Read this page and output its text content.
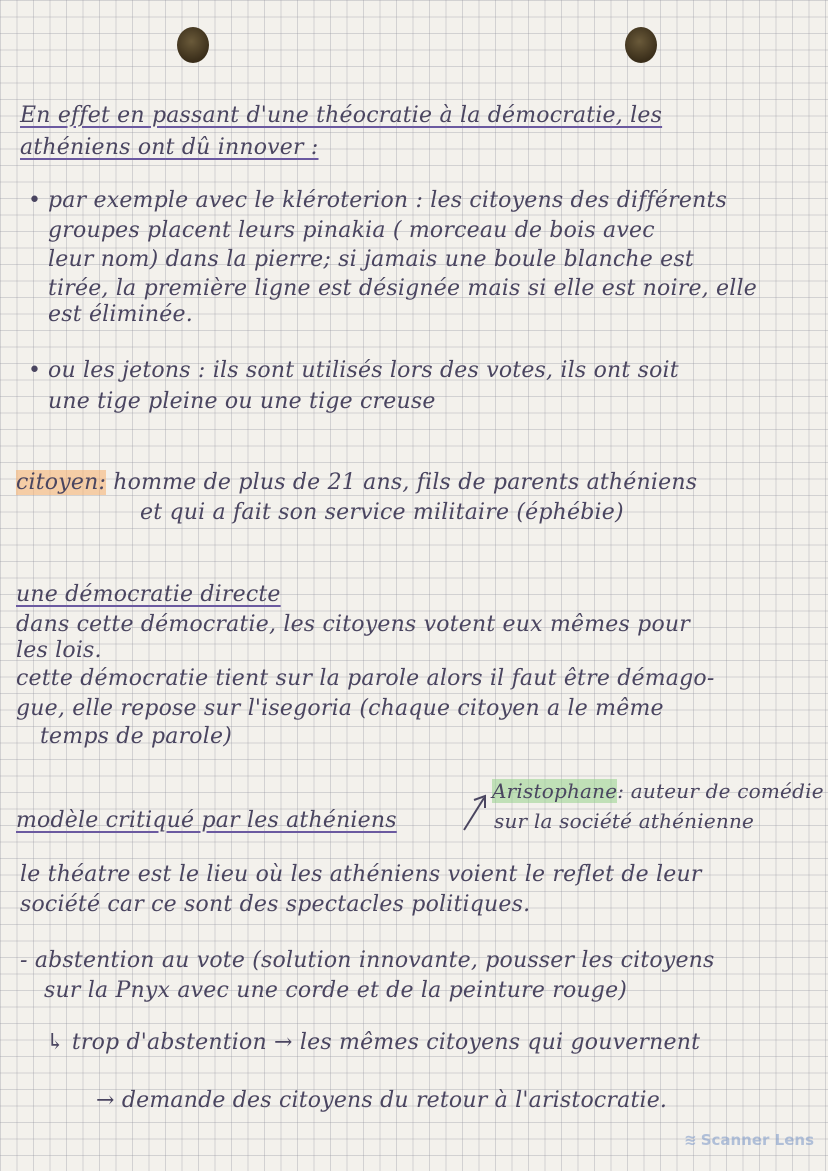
En effet en passant d'une théocratie à la démocratie, les
athéniens ont dû innover :
• par exemple avec le kléroterion : les citoyens des différents
groupes placent leurs pinakia ( morceau de bois avec
leur nom) dans la pierre; si jamais une boule blanche est
tirée, la première ligne est désignée mais si elle est noire, elle
est éliminée.
• ou les jetons : ils sont utilisés lors des votes, ils ont soit
une tige pleine ou une tige creuse
citoyen: homme de plus de 21 ans, fils de parents athéniens
et qui a fait son service militaire (éphébie)
une démocratie directe
dans cette démocratie, les citoyens votent eux mêmes pour
les lois.
cette démocratie tient sur la parole alors il faut être démago-
gue, elle repose sur l'isegoria (chaque citoyen a le même
temps de parole)
Aristophane: auteur de comédie
sur la société athénienne
modèle critiqué par les athéniens
le théatre est le lieu où les athéniens voient le reflet de leur
société car ce sont des spectacles politiques.
- abstention au vote (solution innovante, pousser les citoyens
sur la Pnyx avec une corde et de la peinture rouge)
↳ trop d'abstention → les mêmes citoyens qui gouvernent
→ demande des citoyens du retour à l'aristocratie.
≋ Scanner Lens
